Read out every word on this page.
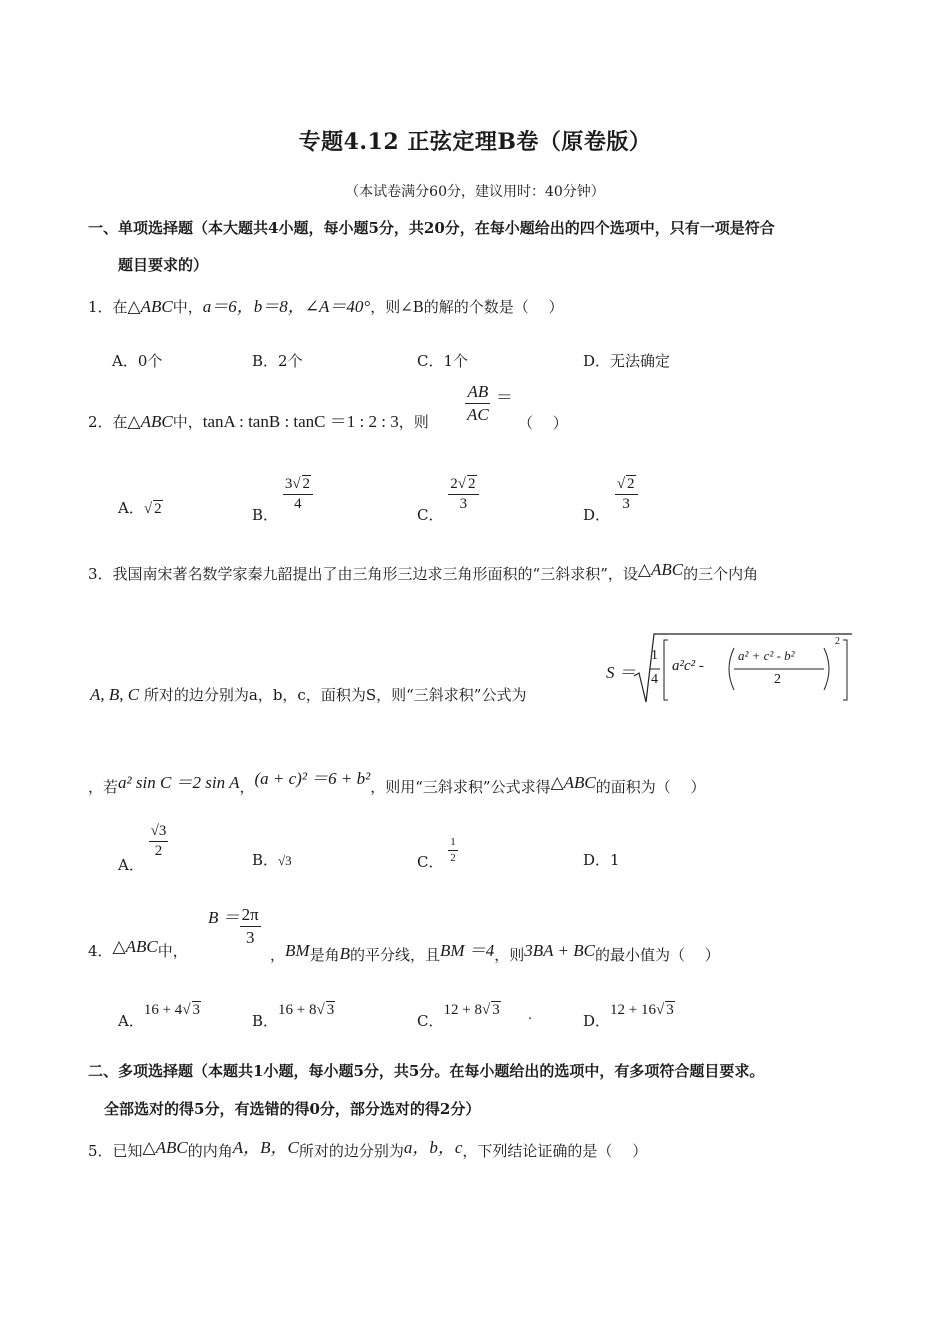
专题4.12 正弦定理B卷（原卷版）
（本试卷满分60分，建议用时：40分钟）
一、单项选择题（本大题共4小题，每小题5分，共20分，在每小题给出的四个选项中，只有一项是符合
题目要求的）
1．在△ABC中，a＝6，b＝8，∠A＝40°，则∠B的解的个数是（　 ）
A．0个	B．2个	C．1个	D．无法确定
2．在△ABC中，tanA : tanB : tanC ＝1 : 2 : 3，则 $\frac{AB}{AC}$ ＝
（　 ）
A．√ 2	B．
$\frac{3√ 2}{4}$
C．
$\frac{2√ 2}{3}$
D．
$\frac{√ 2}{3}$
3．我国南宋著名数学家秦九韶提出了由三角形三边求三角形面积的“三斜求积”，设△ABC的三个内角
A, B, C 所对的边分别为a，b，c，面积为S，则“三斜求积”公式为
S ＝
1
4
a²c² -
a² + c² - b²
2
2
，若a² sin C ＝2 sin A，(a + c)² ＝6 + b²，则用“三斜求积”公式求得△ABC的面积为（　 ）
A．
$\frac{√3}{2}$	B．√3	C． $\frac{1}{2}$	D．1
4．△ABC中，
$B = \frac{2\pi}{3}$
，BM是角B的平分线，且BM ＝4，则3BA + BC的最小值为（　 ）
A．16 + 4√ 3
B．16 + 8√ 3
C．12 + 8√ 3 .	D．12 + 16√ 3
二、多项选择题（本题共1小题，每小题5分，共5分。在每小题给出的选项中，有多项符合题目要求。
全部选对的得5分，有选错的得0分，部分选对的得2分）
5．已知△ABC的内角A，B，C所对的边分别为a，b，c，下列结论证确的是（　 ）
